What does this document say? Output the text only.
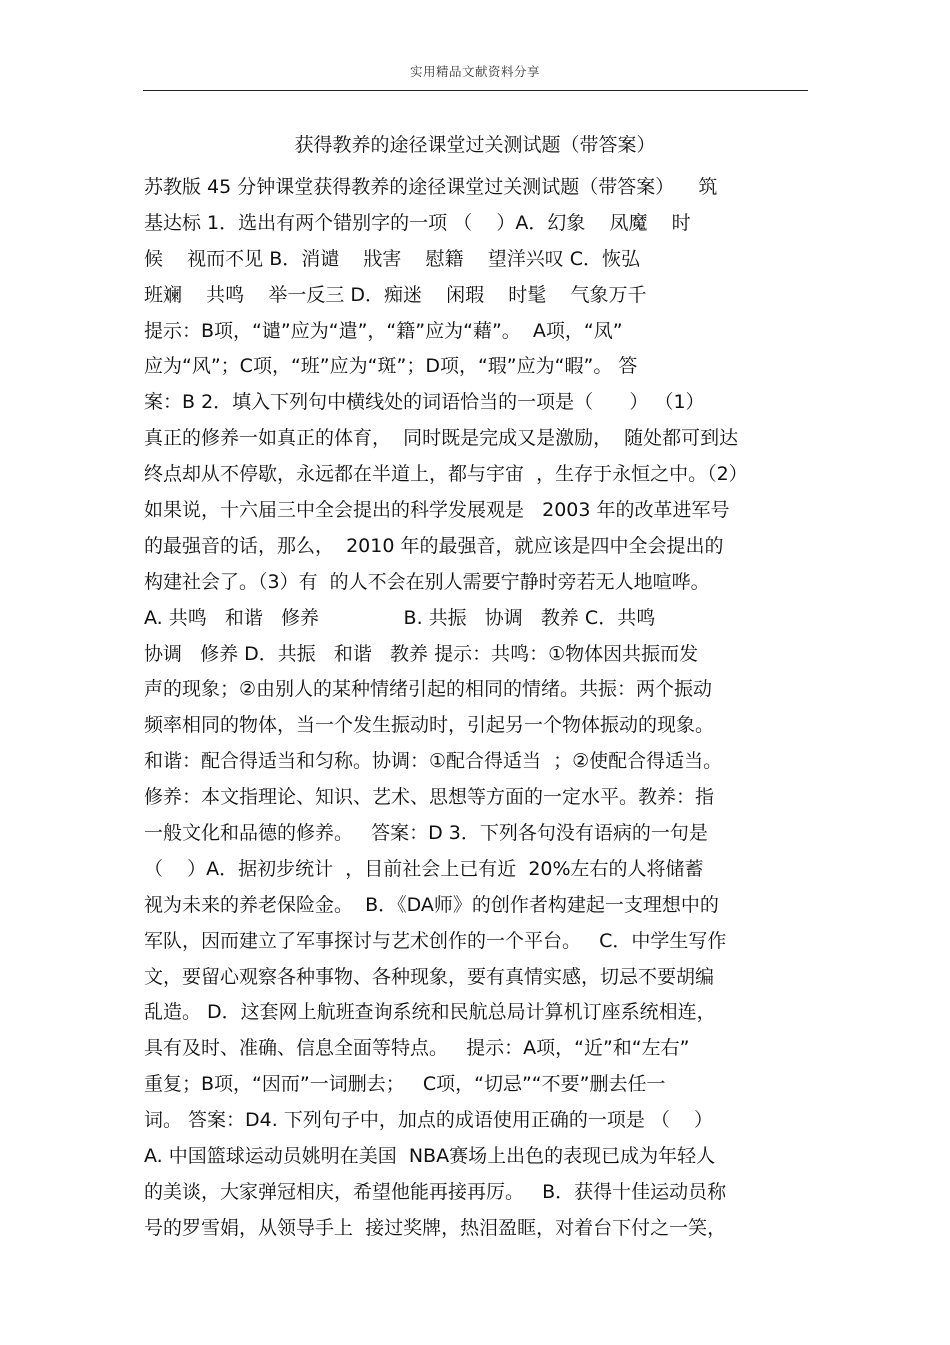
实用精品文献资料分享
获得教养的途径课堂过关测试题（带答案）
苏教版 45 分钟课堂获得教养的途径课堂过关测试题（带答案）    筑
基达标 1．选出有两个错别字的一项 （    ）A．幻象    凤魔    时
候    视而不见 B．消谴    戕害    慰籍    望洋兴叹 C．恢弘
班斓    共鸣    举一反三 D．痴迷    闲瑕    时髦    气象万千
提示：B项，“谴”应为“遣”，“籍”应为“藉”。  A项，“凤”
应为“风”；C项，“班”应为“斑”；D项，“瑕”应为“暇”。 答
案：B 2．填入下列句中横线处的词语恰当的一项是（      ） （1）
真正的修养一如真正的体育，  同时既是完成又是激励，  随处都可到达
终点却从不停歇，永远都在半道上，都与宇宙  ，生存于永恒之中。（2）
如果说，十六届三中全会提出的科学发展观是   2003 年的改革进军号
的最强音的话，那么，  2010 年的最强音，就应该是四中全会提出的
构建社会了。（3）有  的人不会在别人需要宁静时旁若无人地喧哗。
A. 共鸣   和谐   修养              B. 共振   协调   教养 C．共鸣
协调   修养 D．共振   和谐   教养 提示：共鸣：①物体因共振而发
声的现象；②由别人的某种情绪引起的相同的情绪。共振：两个振动
频率相同的物体，当一个发生振动时，引起另一个物体振动的现象。
和谐：配合得适当和匀称。协调：①配合得适当  ；②使配合得适当。
修养：本文指理论、知识、艺术、思想等方面的一定水平。教养：指
一般文化和品德的修养。   答案：D 3．下列各句没有语病的一句是
（    ）A．据初步统计  ，目前社会上已有近  20%左右的人将储蓄
视为未来的养老保险金。  B．《DA师》的创作者构建起一支理想中的
军队，因而建立了军事探讨与艺术创作的一个平台。   C．中学生写作
文，要留心观察各种事物、各种现象，要有真情实感，切忌不要胡编
乱造。 D．这套网上航班查询系统和民航总局计算机订座系统相连，
具有及时、准确、信息全面等特点。   提示：A项，“近”和“左右”
重复；B项，“因而”一词删去；   C项，“切忌”“不要”删去任一
词。 答案：D4. 下列句子中，加点的成语使用正确的一项是 （    ）
A. 中国篮球运动员姚明在美国  NBA赛场上出色的表现已成为年轻人
的美谈，大家弹冠相庆，希望他能再接再厉。   B．获得十佳运动员称
号的罗雪娟，从领导手上  接过奖牌，热泪盈眶，对着台下付之一笑，
